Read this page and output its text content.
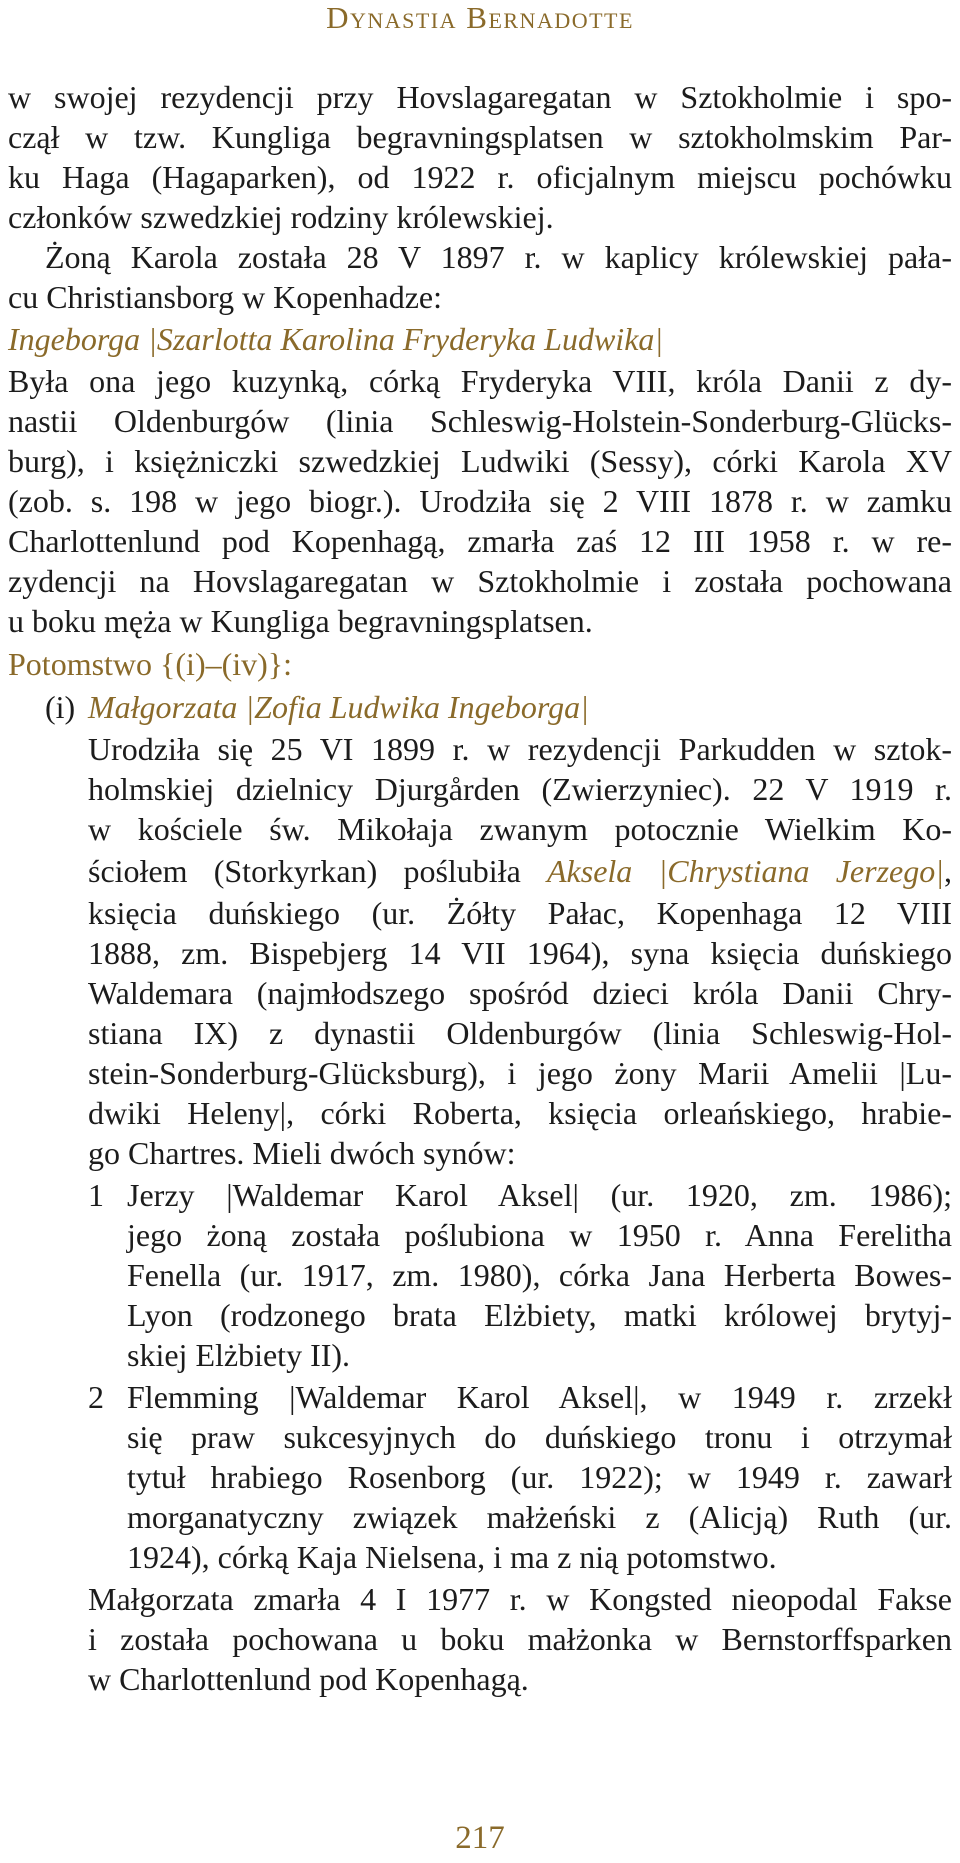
Dynastia Bernadotte
w swojej rezydencji przy Hovslagaregatan w Sztokholmie i spo-
czął w tzw. Kungliga begravningsplatsen w sztokholmskim Par-
ku Haga (Hagaparken), od 1922 r. oficjalnym miejscu pochówku
członków szwedzkiej rodziny królewskiej.
Żoną Karola została 28 V 1897 r. w kaplicy królewskiej pała-
cu Christiansborg w Kopenhadze:
Ingeborga |Szarlotta Karolina Fryderyka Ludwika|
Była ona jego kuzynką, córką Fryderyka VIII, króla Danii z dy-
nastii Oldenburgów (linia Schleswig-Holstein-Sonderburg-Glücks-
burg), i księżniczki szwedzkiej Ludwiki (Sessy), córki Karola XV
(zob. s. 198 w jego biogr.). Urodziła się 2 VIII 1878 r. w zamku
Charlottenlund pod Kopenhagą, zmarła zaś 12 III 1958 r. w re-
zydencji na Hovslagaregatan w Sztokholmie i została pochowana
u boku męża w Kungliga begravningsplatsen.
Potomstwo {(i)–(iv)}:
(i) Małgorzata |Zofia Ludwika Ingeborga|
Urodziła się 25 VI 1899 r. w rezydencji Parkudden w sztok-
holmskiej dzielnicy Djurgården (Zwierzyniec). 22 V 1919 r.
w kościele św. Mikołaja zwanym potocznie Wielkim Ko-
ściołem (Storkyrkan) poślubiła Aksela |Chrystiana Jerzego|,
księcia duńskiego (ur. Żółty Pałac, Kopenhaga 12 VIII
1888, zm. Bispebjerg 14 VII 1964), syna księcia duńskiego
Waldemara (najmłodszego spośród dzieci króla Danii Chry-
stiana IX) z dynastii Oldenburgów (linia Schleswig-Hol-
stein-Sonderburg-Glücksburg), i jego żony Marii Amelii |Lu-
dwiki Heleny|, córki Roberta, księcia orleańskiego, hrabie-
go Chartres. Mieli dwóch synów:
1 Jerzy |Waldemar Karol Aksel| (ur. 1920, zm. 1986);
jego żoną została poślubiona w 1950 r. Anna Ferelitha
Fenella (ur. 1917, zm. 1980), córka Jana Herberta Bowes-
Lyon (rodzonego brata Elżbiety, matki królowej brytyj-
skiej Elżbiety II).
2 Flemming |Waldemar Karol Aksel|, w 1949 r. zrzekł
się praw sukcesyjnych do duńskiego tronu i otrzymał
tytuł hrabiego Rosenborg (ur. 1922); w 1949 r. zawarł
morganatyczny związek małżeński z (Alicją) Ruth (ur.
1924), córką Kaja Nielsena, i ma z nią potomstwo.
Małgorzata zmarła 4 I 1977 r. w Kongsted nieopodal Fakse
i została pochowana u boku małżonka w Bernstorffsparken
w Charlottenlund pod Kopenhagą.
217
